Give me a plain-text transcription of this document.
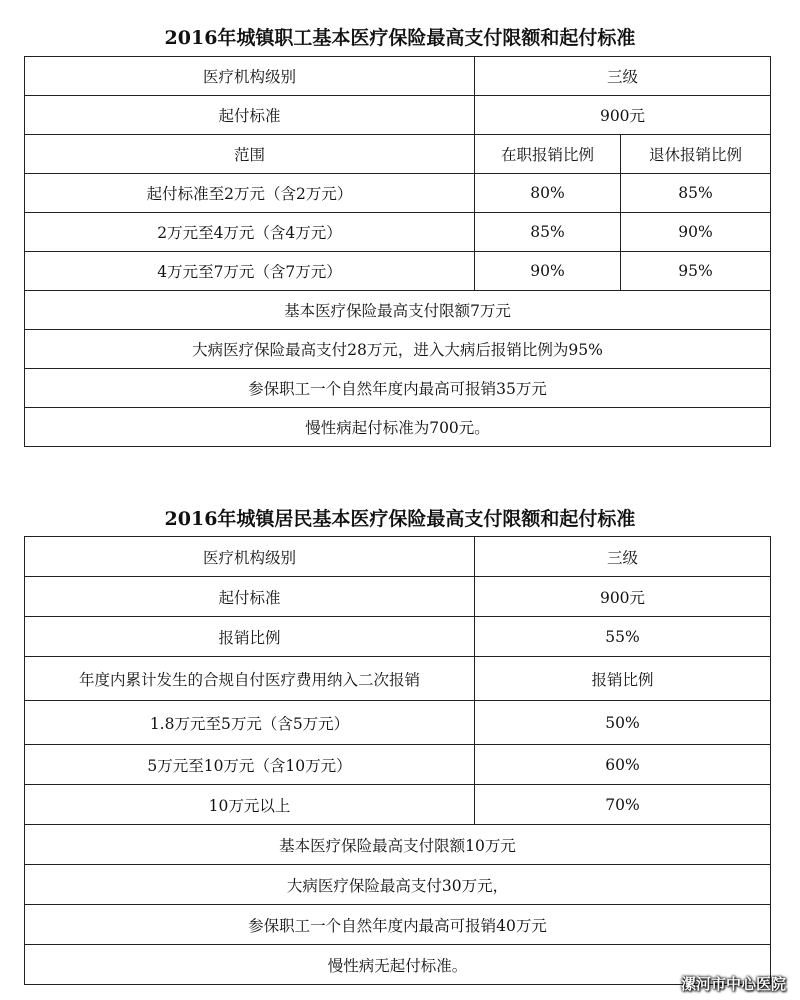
2016年城镇职工基本医疗保险最高支付限额和起付标准
医疗机构级别	三级	
起付标准	900元	
范围	在职报销比例	退休报销比例
起付标准至2万元（含2万元）	80%	85%
2万元至4万元（含4万元）	85%	90%
4万元至7万元（含7万元）	90%	95%
基本医疗保险最高支付限额7万元		
大病医疗保险最高支付28万元，进入大病后报销比例为95%		
参保职工一个自然年度内最高可报销35万元		
慢性病起付标准为700元。		
2016年城镇居民基本医疗保险最高支付限额和起付标准
医疗机构级别	三级
起付标准	900元
报销比例	55%
年度内累计发生的合规自付医疗费用纳入二次报销	报销比例
1.8万元至5万元（含5万元）	50%
5万元至10万元（含10万元）	60%
10万元以上	70%
基本医疗保险最高支付限额10万元	
大病医疗保险最高支付30万元，	
参保职工一个自然年度内最高可报销40万元	
慢性病无起付标准。	
漯河市中心医院
